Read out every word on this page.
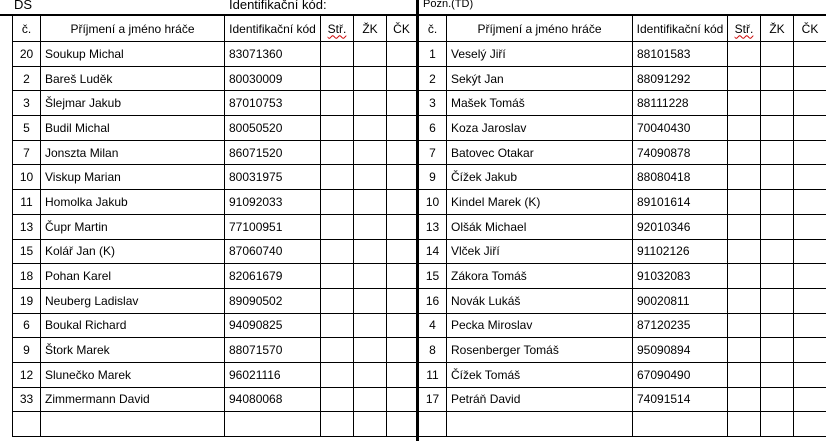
DS	Identifikační kód:	Pozn.(TD)
č.	Příjmení a jméno hráče	Identifikační kód	Stř.	ŽK	ČK
20	Soukup Michal	83071360			
2	Bareš Luděk	80030009			
3	Šlejmar Jakub	87010753			
5	Budil Michal	80050520			
7	Jonszta Milan	86071520			
10	Viskup Marian	80031975			
11	Homolka Jakub	91092033			
13	Čupr Martin	77100951			
15	Kolář Jan (K)	87060740			
18	Pohan Karel	82061679			
19	Neuberg Ladislav	89090502			
6	Boukal Richard	94090825			
9	Štork Marek	88071570			
12	Slunečko Marek	96021116			
33	Zimmermann David	94080068			

č.	Příjmení a jméno hráče	Identifikační kód	Stř.	ŽK	ČK
1	Veselý Jiří	88101583			
2	Sekýt Jan	88091292			
3	Mašek Tomáš	88111228			
6	Koza Jaroslav	70040430			
7	Batovec Otakar	74090878			
9	Čížek Jakub	88080418			
10	Kindel Marek (K)	89101614			
13	Olšák Michael	92010346			
14	Vlček Jiří	91102126			
15	Zákora Tomáš	91032083			
16	Novák Lukáš	90020811			
4	Pecka Miroslav	87120235			
8	Rosenberger Tomáš	95090894			
11	Čížek Tomáš	67090490			
17	Petráň David	74091514			
